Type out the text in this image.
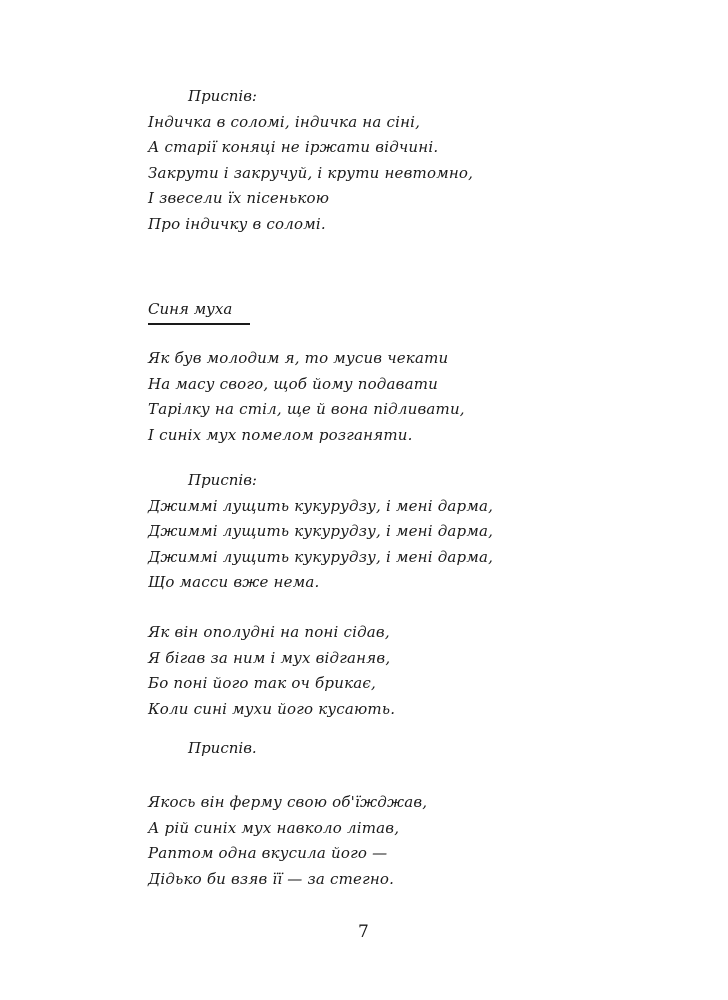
Приспів:
Індичка в соломі, індичка на сіні,
А старії коняці не іржати відчині.
Закрути і закручуй, і крути невтомно,
І звесели їх пісенькою
Про індичку в соломі.
Синя муха
Як був молодим я, то мусив чекати
На масу свого, щоб йому подавати
Тарілку на стіл, ще й вона підливати,
І синіх мух помелом розганяти.
Приспів:
Джиммі лущить кукурудзу, і мені дарма,
Джиммі лущить кукурудзу, і мені дарма,
Джиммі лущить кукурудзу, і мені дарма,
Що масси вже нема.
Як він опoлудні на поні сідав,
Я бігав за ним і мух відганяв,
Бо поні його так оч брикає,
Коли сині мухи його кусають.
Приспів.
Якось він ферму свою об'їжджав,
А рій синіх мух навколо літав,
Раптом одна вкусила його —
Дідько би взяв її — за стегно.
7
